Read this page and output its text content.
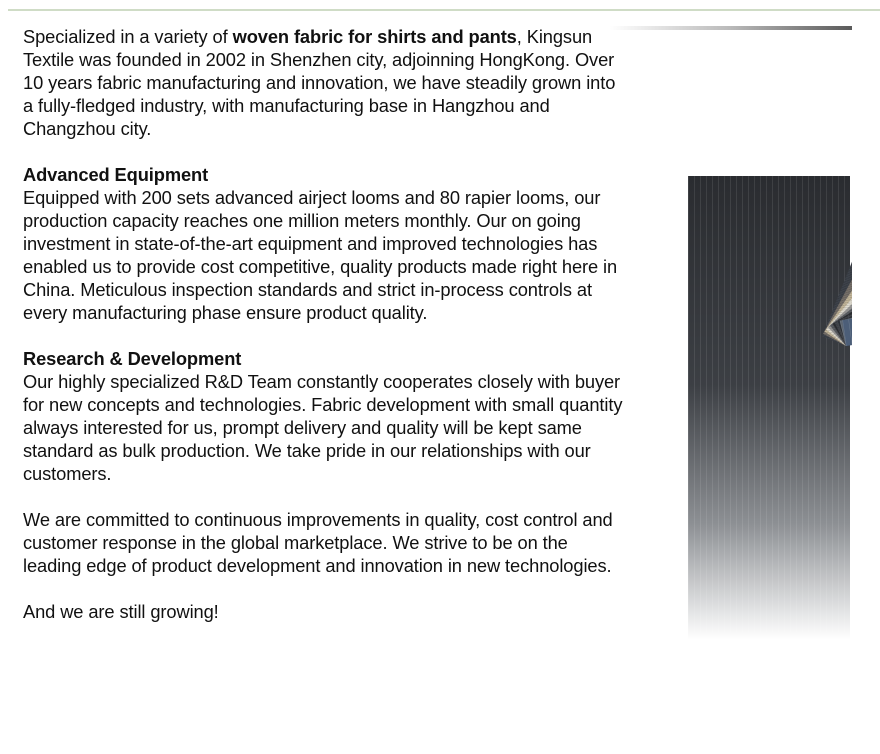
Specialized in a variety of woven fabric for shirts and pants, Kingsun Textile was founded in 2002 in Shenzhen city, adjoinning HongKong. Over 10 years fabric manufacturing and innovation, we have steadily grown into a fully-fledged industry, with manufacturing base in Hangzhou and Changzhou city.

Advanced Equipment
Equipped with 200 sets advanced airject looms and 80 rapier looms, our production capacity reaches one million meters monthly. Our on going investment in state-of-the-art equipment and improved technologies has enabled us to provide cost competitive, quality products made right here in China. Meticulous inspection standards and strict in-process controls at every manufacturing phase ensure product quality.

Research & Development
Our highly specialized R&D Team constantly cooperates closely with buyer for new concepts and technologies. Fabric development with small quantity always interested for us, prompt delivery and quality will be kept same standard as bulk production. We take pride in our relationships with our customers.

We are committed to continuous improvements in quality, cost control and customer response in the global marketplace. We strive to be on the leading edge of product development and innovation in new technologies.

And we are still growing!
